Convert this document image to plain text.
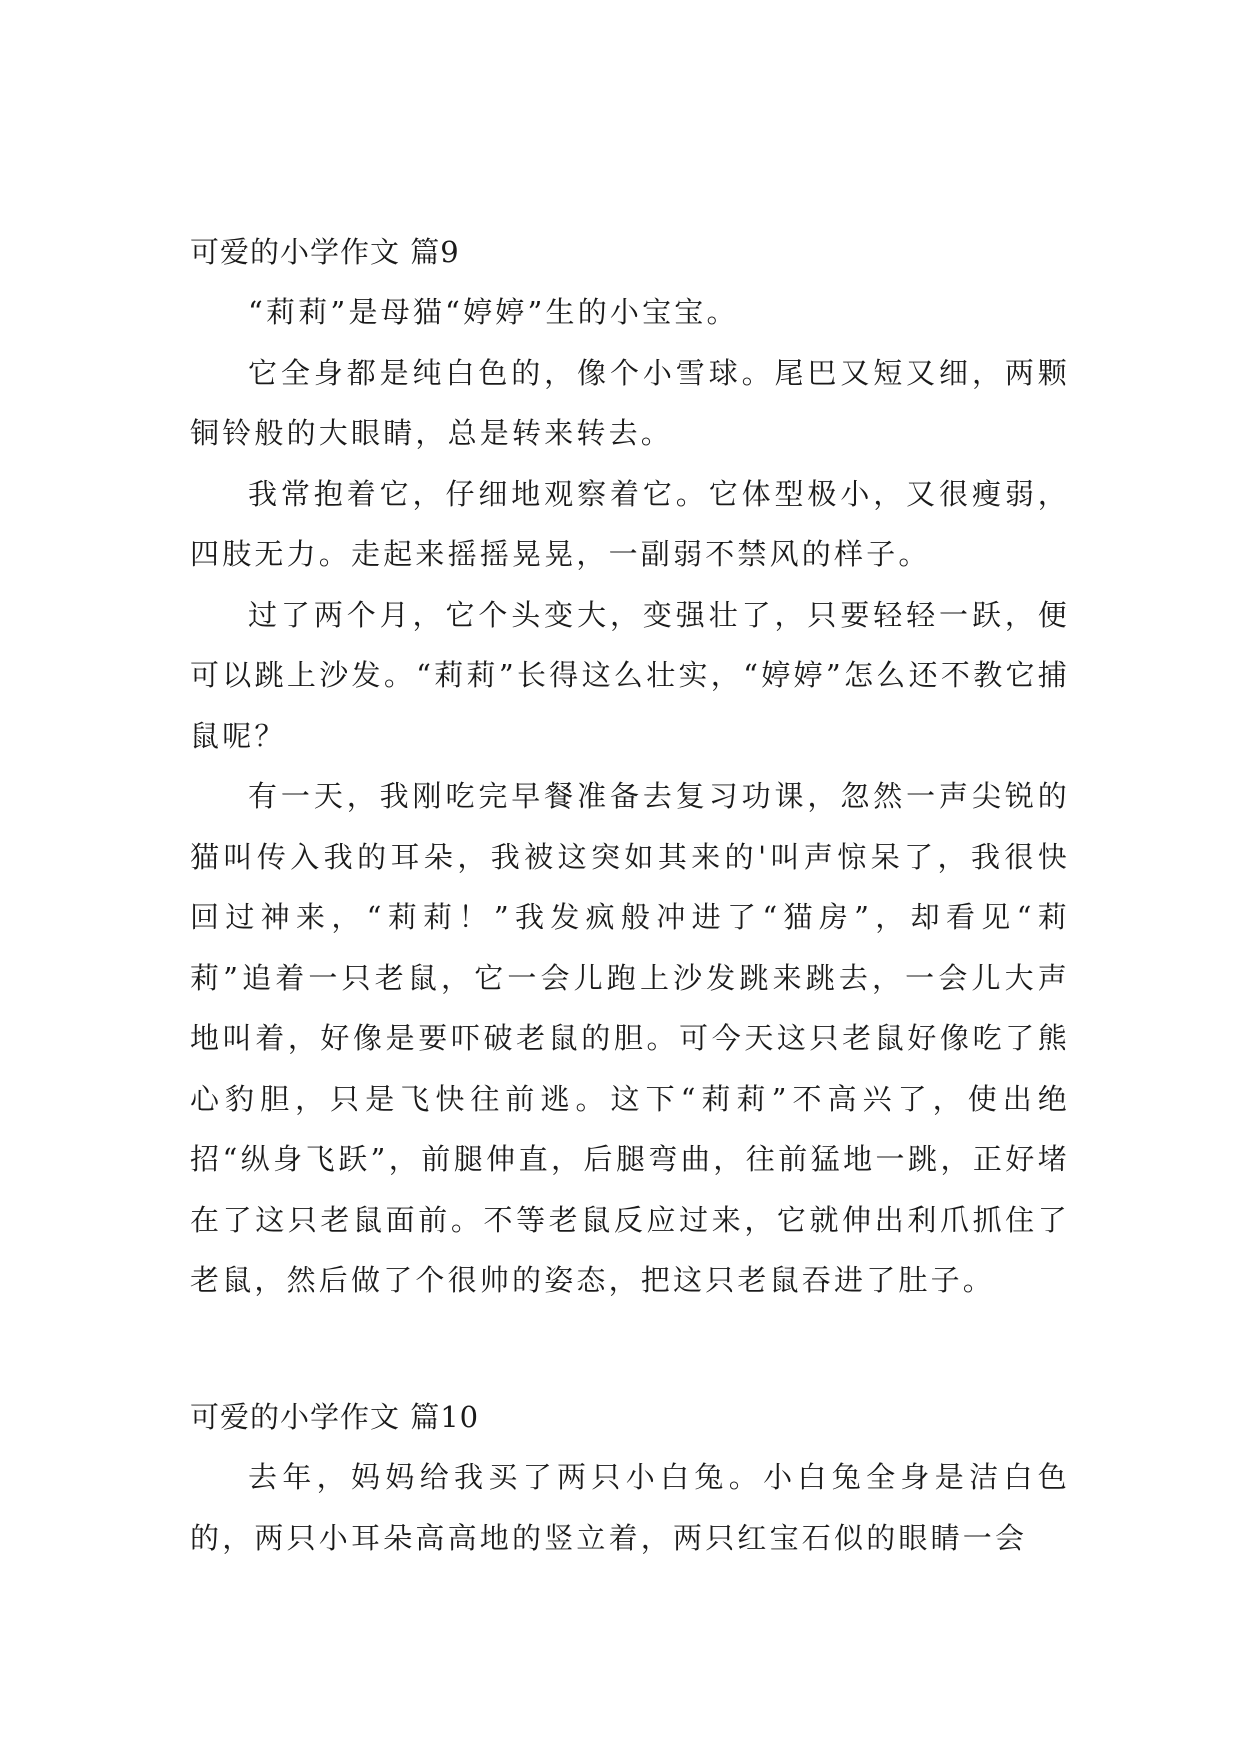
可爱的小学作文 篇9

“莉莉”是母猫“婷婷”生的小宝宝。

它全身都是纯白色的，像个小雪球。尾巴又短又细，两颗铜铃般的大眼睛，总是转来转去。

我常抱着它，仔细地观察着它。它体型极小，又很瘦弱，四肢无力。走起来摇摇晃晃，一副弱不禁风的样子。

过了两个月，它个头变大，变强壮了，只要轻轻一跃，便可以跳上沙发。“莉莉”长得这么壮实，“婷婷”怎么还不教它捕鼠呢？

有一天，我刚吃完早餐准备去复习功课，忽然一声尖锐的猫叫传入我的耳朵，我被这突如其来的'叫声惊呆了，我很快回过神来，“莉莉！”我发疯般冲进了“猫房”，却看见“莉莉”追着一只老鼠，它一会儿跑上沙发跳来跳去，一会儿大声地叫着，好像是要吓破老鼠的胆。可今天这只老鼠好像吃了熊心豹胆，只是飞快往前逃。这下“莉莉”不高兴了，使出绝招“纵身飞跃”，前腿伸直，后腿弯曲，往前猛地一跳，正好堵在了这只老鼠面前。不等老鼠反应过来，它就伸出利爪抓住了老鼠，然后做了个很帅的姿态，把这只老鼠吞进了肚子。

可爱的小学作文 篇10

去年，妈妈给我买了两只小白兔。小白兔全身是洁白色的，两只小耳朵高高地的竖立着，两只红宝石似的眼睛一会
